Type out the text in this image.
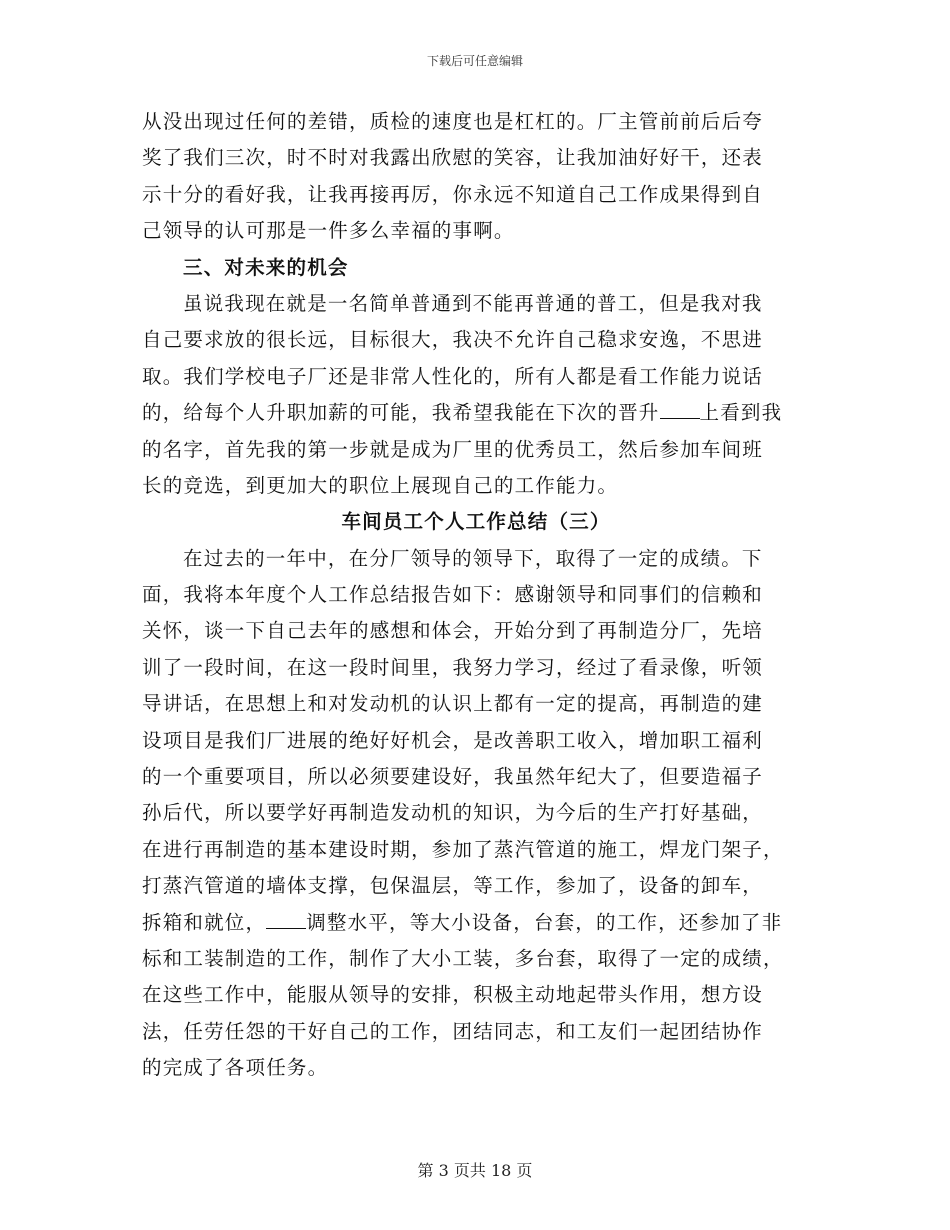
下载后可任意编辑
从没出现过任何的差错，质检的速度也是杠杠的。厂主管前前后后夸
奖了我们三次，时不时对我露出欣慰的笑容，让我加油好好干，还表
示十分的看好我，让我再接再厉，你永远不知道自己工作成果得到自
己领导的认可那是一件多么幸福的事啊。
三、对未来的机会
虽说我现在就是一名简单普通到不能再普通的普工，但是我对我
自己要求放的很长远，目标很大，我决不允许自己稳求安逸，不思进
取。我们学校电子厂还是非常人性化的，所有人都是看工作能力说话
的，给每个人升职加薪的可能，我希望我能在下次的晋升 上看到我
的名字，首先我的第一步就是成为厂里的优秀员工，然后参加车间班
长的竞选，到更加大的职位上展现自己的工作能力。
车间员工个人工作总结（三）
在过去的一年中，在分厂领导的领导下，取得了一定的成绩。下
面，我将本年度个人工作总结报告如下：感谢领导和同事们的信赖和
关怀，谈一下自己去年的感想和体会，开始分到了再制造分厂，先培
训了一段时间，在这一段时间里，我努力学习，经过了看录像，听领
导讲话，在思想上和对发动机的认识上都有一定的提高，再制造的建
设项目是我们厂进展的绝好好机会，是改善职工收入，增加职工福利
的一个重要项目，所以必须要建设好，我虽然年纪大了，但要造福子
孙后代，所以要学好再制造发动机的知识，为今后的生产打好基础，
在进行再制造的基本建设时期，参加了蒸汽管道的施工，焊龙门架子，
打蒸汽管道的墙体支撑，包保温层，等工作，参加了，设备的卸车，
拆箱和就位， 调整水平，等大小设备，台套，的工作，还参加了非
标和工装制造的工作，制作了大小工装，多台套，取得了一定的成绩，
在这些工作中，能服从领导的安排，积极主动地起带头作用，想方设
法，任劳任怨的干好自己的工作，团结同志，和工友们一起团结协作
的完成了各项任务。
第 3 页共 18 页
